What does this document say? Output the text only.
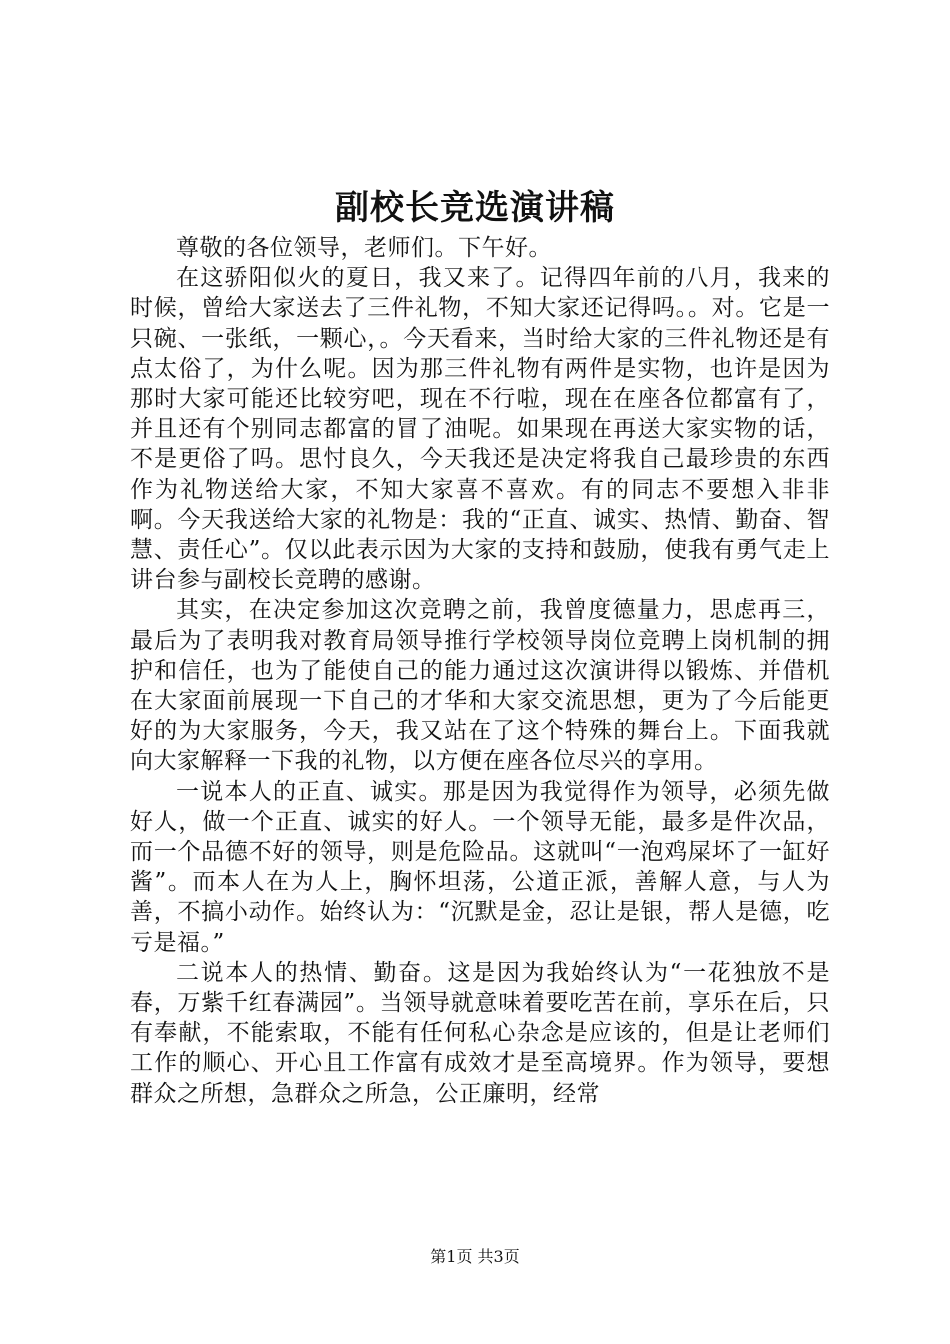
副校长竞选演讲稿

尊敬的各位领导，老师们。下午好。

在这骄阳似火的夏日，我又来了。记得四年前的八月，我来的时候，曾给大家送去了三件礼物，不知大家还记得吗。。对。它是一只碗、一张纸，一颗心，。今天看来，当时给大家的三件礼物还是有点太俗了，为什么呢。因为那三件礼物有两件是实物，也许是因为那时大家可能还比较穷吧，现在不行啦，现在在座各位都富有了，并且还有个别同志都富的冒了油呢。如果现在再送大家实物的话，不是更俗了吗。思忖良久，今天我还是决定将我自己最珍贵的东西作为礼物送给大家，不知大家喜不喜欢。有的同志不要想入非非啊。今天我送给大家的礼物是：我的“正直、诚实、热情、勤奋、智慧、责任心”。仅以此表示因为大家的支持和鼓励，使我有勇气走上讲台参与副校长竞聘的感谢。

其实，在决定参加这次竞聘之前，我曾度德量力，思虑再三，最后为了表明我对教育局领导推行学校领导岗位竞聘上岗机制的拥护和信任，也为了能使自己的能力通过这次演讲得以锻炼、并借机在大家面前展现一下自己的才华和大家交流思想，更为了今后能更好的为大家服务，今天，我又站在了这个特殊的舞台上。下面我就向大家解释一下我的礼物，以方便在座各位尽兴的享用。

一说本人的正直、诚实。那是因为我觉得作为领导，必须先做好人，做一个正直、诚实的好人。一个领导无能，最多是件次品，而一个品德不好的领导，则是危险品。这就叫“一泡鸡屎坏了一缸好酱”。而本人在为人上，胸怀坦荡，公道正派，善解人意，与人为善，不搞小动作。始终认为：“沉默是金，忍让是银，帮人是德，吃亏是福。”

二说本人的热情、勤奋。这是因为我始终认为“一花独放不是春，万紫千红春满园”。当领导就意味着要吃苦在前，享乐在后，只有奉献，不能索取，不能有任何私心杂念是应该的，但是让老师们工作的顺心、开心且工作富有成效才是至高境界。作为领导，要想群众之所想，急群众之所急，公正廉明，经常

第1页 共3页
